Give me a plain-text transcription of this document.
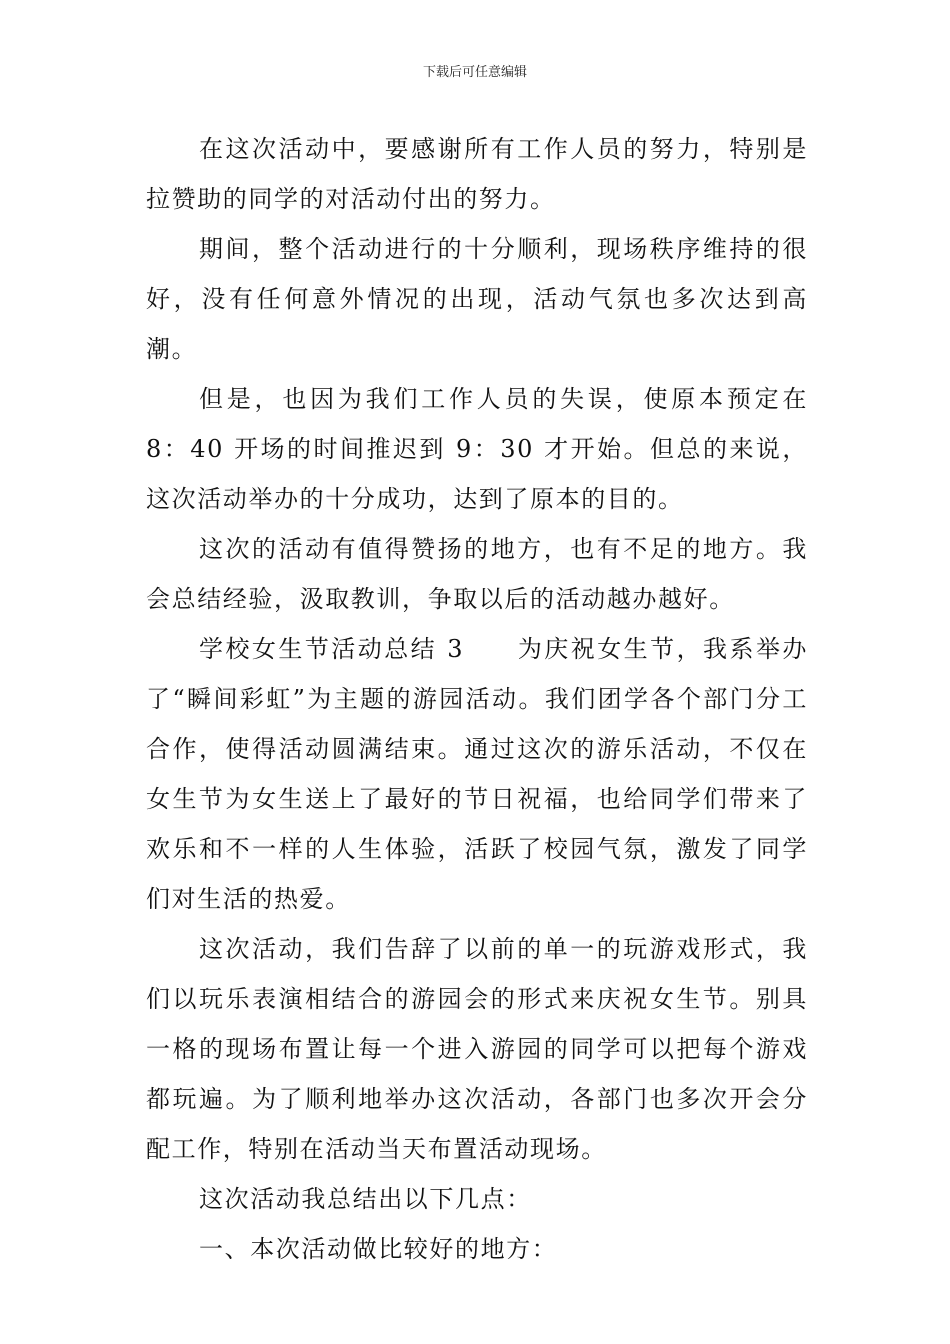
下载后可任意编辑

在这次活动中，要感谢所有工作人员的努力，特别是拉赞助的同学的对活动付出的努力。

期间，整个活动进行的十分顺利，现场秩序维持的很好，没有任何意外情况的出现，活动气氛也多次达到高潮。

但是，也因为我们工作人员的失误，使原本预定在 8：40 开场的时间推迟到 9：30 才开始。但总的来说，这次活动举办的十分成功，达到了原本的目的。

这次的活动有值得赞扬的地方，也有不足的地方。我会总结经验，汲取教训，争取以后的活动越办越好。

学校女生节活动总结 3　　为庆祝女生节，我系举办了“瞬间彩虹”为主题的游园活动。我们团学各个部门分工合作，使得活动圆满结束。通过这次的游乐活动，不仅在女生节为女生送上了最好的节日祝福，也给同学们带来了欢乐和不一样的人生体验，活跃了校园气氛，激发了同学们对生活的热爱。

这次活动，我们告辞了以前的单一的玩游戏形式，我们以玩乐表演相结合的游园会的形式来庆祝女生节。别具一格的现场布置让每一个进入游园的同学可以把每个游戏都玩遍。为了顺利地举办这次活动，各部门也多次开会分配工作，特别在活动当天布置活动现场。

这次活动我总结出以下几点：

一、本次活动做比较好的地方：
